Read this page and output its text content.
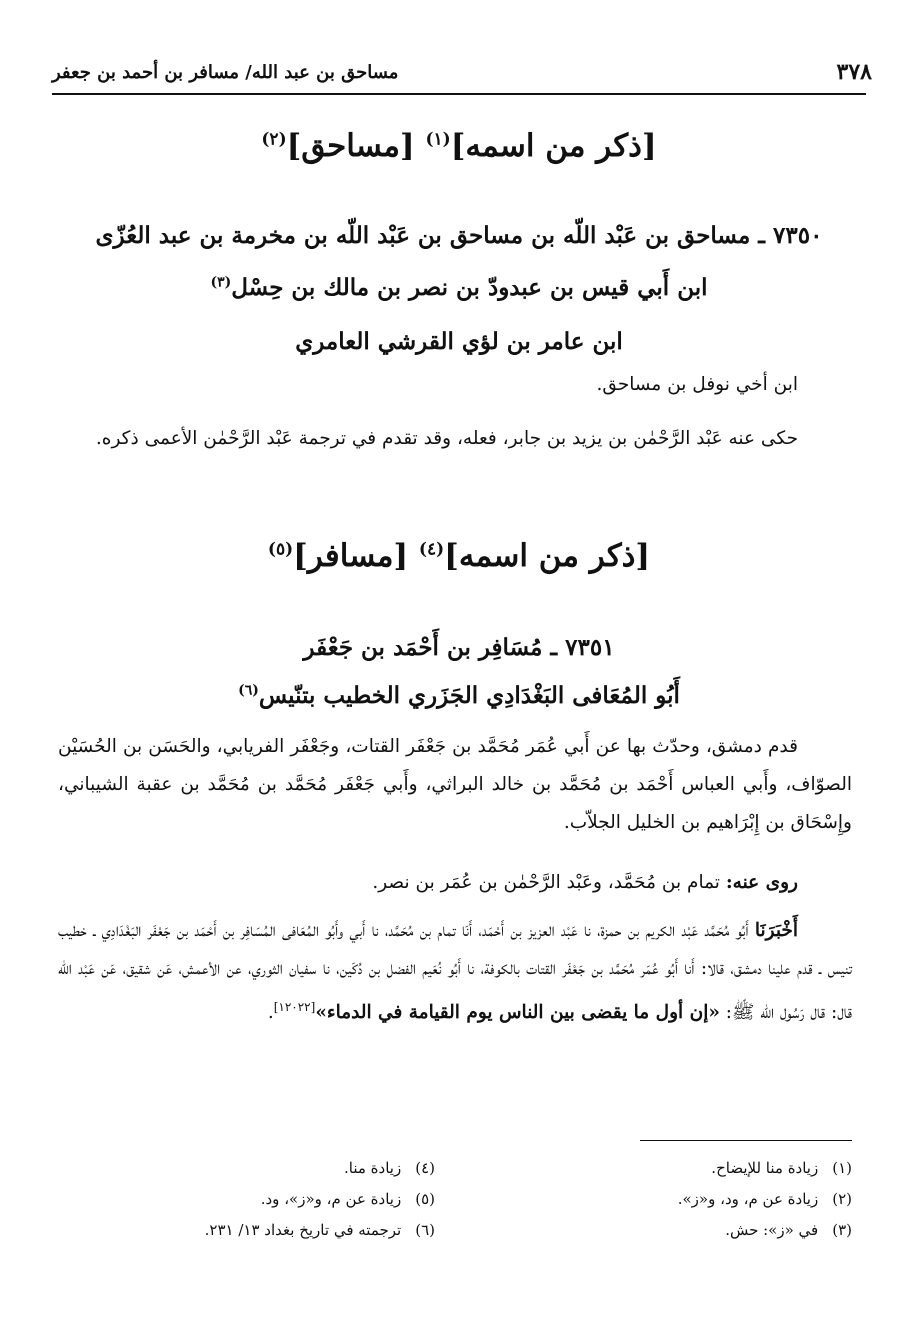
٣٧٨
مساحق بن عبد الله/ مسافر بن أحمد بن جعفر
[ذكر من اسمه]$^{(١)}$ [مساحق]$^{(٢)}$
٧٣٥٠ ـ مساحق بن عَبْد اللّه بن مساحق بن عَبْد اللّه بن مخرمة بن عبد العُزّى
ابن أَبي قيس بن عبدودّ بن نصر بن مالك بن حِسْل$^{(٣)}$
ابن عامر بن لؤي القرشي العامري
ابن أخي نوفل بن مساحق.
حكى عنه عَبْد الرَّحْمٰن بن يزيد بن جابر، فعله، وقد تقدم في ترجمة عَبْد الرَّحْمٰن الأعمى ذكره.
[ذكر من اسمه]$^{(٤)}$ [مسافر]$^{(٥)}$
٧٣٥١ ـ مُسَافِر بن أَحْمَد بن جَعْفَر
أَبُو المُعَافى البَغْدَادِي الجَزَري الخطيب بتنّيس$^{(٦)}$
قدم دمشق، وحدّث بها عن أَبي عُمَر مُحَمَّد بن جَعْفَر القتات، وجَعْفَر الفريابي، والحَسَن بن الحُسَيْن الصوّاف، وأَبي العباس أَحْمَد بن مُحَمَّد بن خالد البراثي، وأَبي جَعْفَر مُحَمَّد بن مُحَمَّد بن عقبة الشيباني، وإِسْحَاق بن إِبْرَاهيم بن الخليل الجلاّب.
روى عنه: تمام بن مُحَمَّد، وعَبْد الرَّحْمٰن بن عُمَر بن نصر.
أَخْبَرَنَا أَبُو مُحَمَّد عَبْد الكريم بن حمزة، نا عَبْد العزيز بن أَحْمَد، أَنَا تمام بن مُحَمَّد، نا أَبي وأَبُو المُعَافى المُسَافِر بن أَحْمَد بن جَعْفَر البَغْدَادِي ـ خطيب تنيس ـ قدم علينا دمشق، قالا: أَنا أَبُو عُمَر مُحَمَّد بن جَعْفَر القتات بالكوفة، نا أَبُو نُعَيم الفضل بن دُكَين، نا سفيان الثوري، عن الأعمش، عَن شقيق، عَن عَبْد اللّه قال: قال رَسُول اللّه ﷺ: «إن أول ما يقضى بين الناس يوم القيامة في الدماء»[١٢٠٢٢].
(١)زيادة منا للإيضاح.
(٤)زيادة منا.
(٢)زيادة عن م، ود، و«ز».
(٥)زيادة عن م، و«ز»، ود.
(٣)في «ز»: حش.
(٦)ترجمته في تاريخ بغداد ١٣/ ٢٣١.
